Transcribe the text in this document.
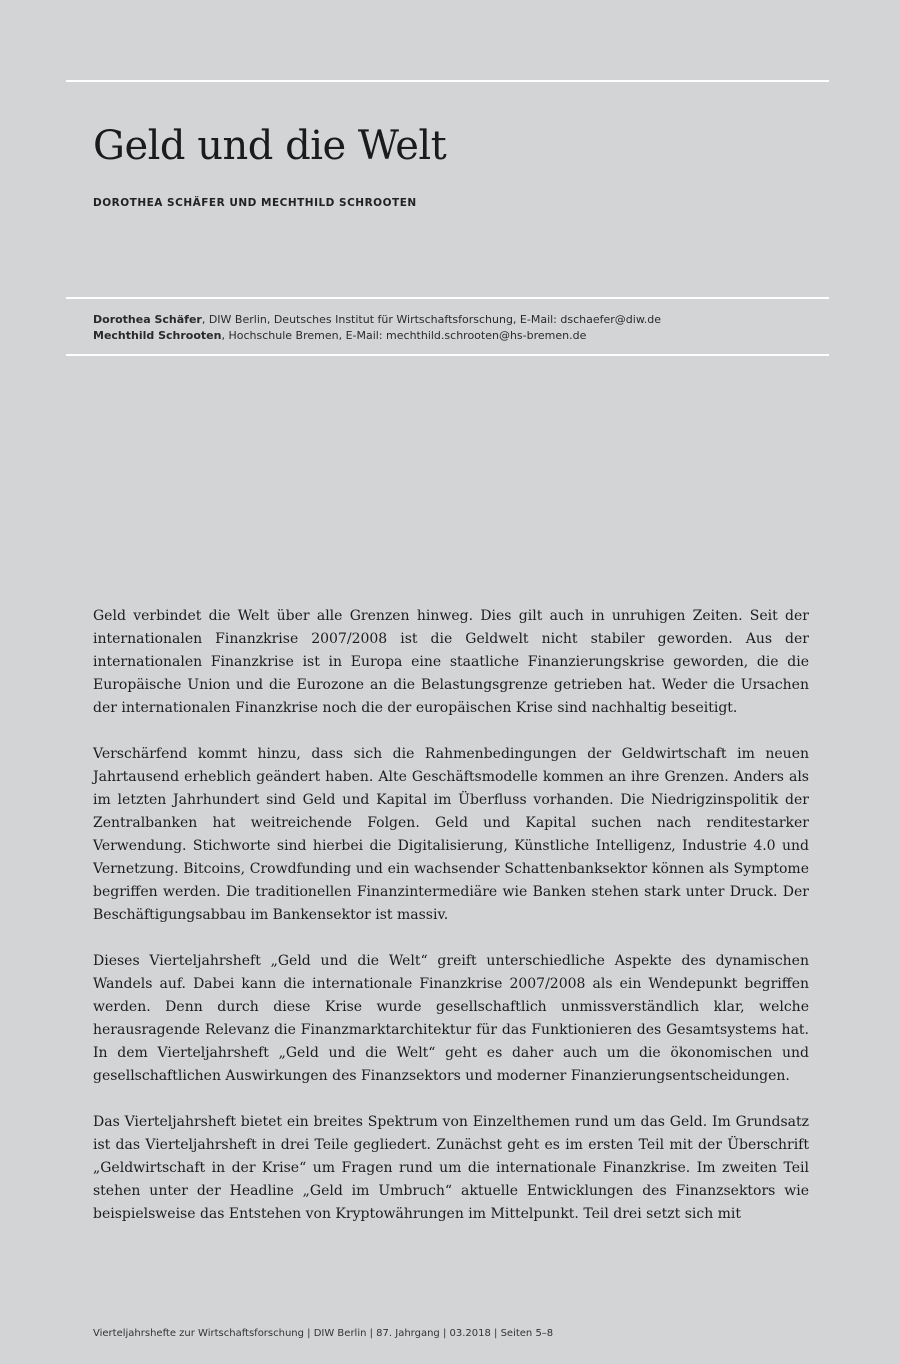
Geld und die Welt
DOROTHEA SCHÄFER UND MECHTHILD SCHROOTEN
Dorothea Schäfer, DIW Berlin, Deutsches Institut für Wirtschaftsforschung, E-Mail: dschaefer@diw.de
Mechthild Schrooten, Hochschule Bremen, E-Mail: mechthild.schrooten@hs-bremen.de

Geld verbindet die Welt über alle Grenzen hinweg. Dies gilt auch in unruhigen Zeiten. Seit der internationalen Finanzkrise 2007/2008 ist die Geldwelt nicht stabiler geworden. Aus der internationalen Finanzkrise ist in Europa eine staatliche Finanzierungskrise geworden, die die Europäische Union und die Eurozone an die Belastungsgrenze getrieben hat. Weder die Ursachen der internationalen Finanzkrise noch die der europäischen Krise sind nachhaltig beseitigt.

Verschärfend kommt hinzu, dass sich die Rahmenbedingungen der Geldwirtschaft im neuen Jahrtausend erheblich geändert haben. Alte Geschäftsmodelle kommen an ihre Grenzen. Anders als im letzten Jahrhundert sind Geld und Kapital im Überfluss vorhanden. Die Niedrigzinspolitik der Zentralbanken hat weitreichende Folgen. Geld und Kapital suchen nach renditestarker Verwendung. Stichworte sind hierbei die Digitalisierung, Künstliche Intelligenz, Industrie 4.0 und Vernetzung. Bitcoins, Crowdfunding und ein wachsender Schattenbanksektor können als Symptome begriffen werden. Die traditionellen Finanzintermediäre wie Banken stehen stark unter Druck. Der Beschäftigungsabbau im Bankensektor ist massiv.

Dieses Vierteljahrsheft „Geld und die Welt“ greift unterschiedliche Aspekte des dynamischen Wandels auf. Dabei kann die internationale Finanzkrise 2007/2008 als ein Wendepunkt begriffen werden. Denn durch diese Krise wurde gesellschaftlich unmissverständlich klar, welche herausragende Relevanz die Finanzmarktarchitektur für das Funktionieren des Gesamtsystems hat. In dem Vierteljahrsheft „Geld und die Welt“ geht es daher auch um die ökonomischen und gesellschaftlichen Auswirkungen des Finanzsektors und moderner Finanzierungsentscheidungen.

Das Vierteljahrsheft bietet ein breites Spektrum von Einzelthemen rund um das Geld. Im Grundsatz ist das Vierteljahrsheft in drei Teile gegliedert. Zunächst geht es im ersten Teil mit der Überschrift „Geldwirtschaft in der Krise“ um Fragen rund um die internationale Finanzkrise. Im zweiten Teil stehen unter der Headline „Geld im Umbruch“ aktuelle Entwicklungen des Finanzsektors wie beispielsweise das Entstehen von Kryptowährungen im Mittelpunkt. Teil drei setzt sich mit

Vierteljahrshefte zur Wirtschaftsforschung | DIW Berlin | 87. Jahrgang | 03.2018 | Seiten 5–8
